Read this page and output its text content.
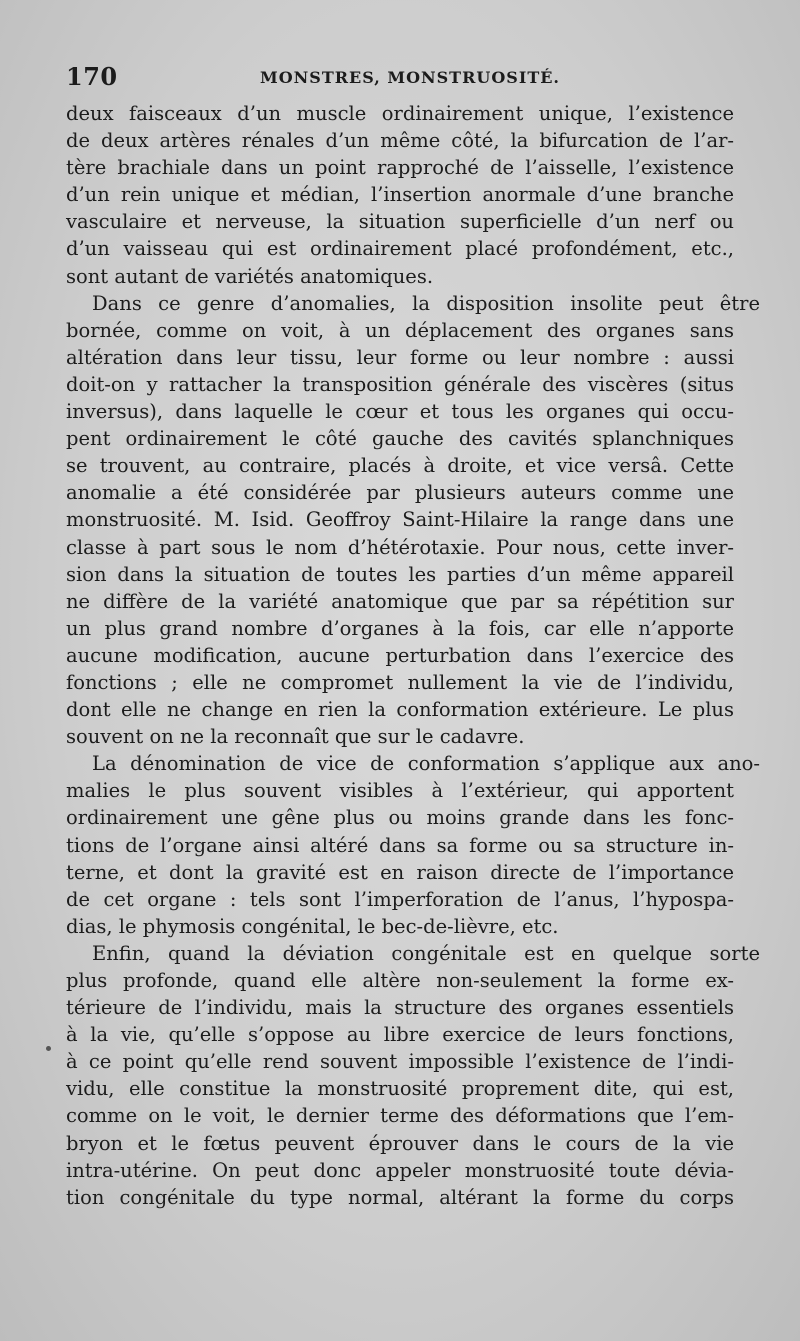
170	MONSTRES, MONSTRUOSITÉ.
deux faisceaux d’un muscle ordinairement unique, l’existence
de deux artères rénales d’un même côté, la bifurcation de l’ar-
tère brachiale dans un point rapproché de l’aisselle, l’existence
d’un rein unique et médian, l’insertion anormale d’une branche
vasculaire et nerveuse, la situation superficielle d’un nerf ou
d’un vaisseau qui est ordinairement placé profondément, etc.,
sont autant de variétés anatomiques.
Dans ce genre d’anomalies, la disposition insolite peut être
bornée, comme on voit, à un déplacement des organes sans
altération dans leur tissu, leur forme ou leur nombre : aussi
doit-on y rattacher la transposition générale des viscères (situs
inversus), dans laquelle le cœur et tous les organes qui occu-
pent ordinairement le côté gauche des cavités splanchniques
se trouvent, au contraire, placés à droite, et vice versâ. Cette
anomalie a été considérée par plusieurs auteurs comme une
monstruosité. M. Isid. Geoffroy Saint-Hilaire la range dans une
classe à part sous le nom d’hétérotaxie. Pour nous, cette inver-
sion dans la situation de toutes les parties d’un même appareil
ne diffère de la variété anatomique que par sa répétition sur
un plus grand nombre d’organes à la fois, car elle n’apporte
aucune modification, aucune perturbation dans l’exercice des
fonctions ; elle ne compromet nullement la vie de l’individu,
dont elle ne change en rien la conformation extérieure. Le plus
souvent on ne la reconnaît que sur le cadavre.
La dénomination de vice de conformation s’applique aux ano-
malies le plus souvent visibles à l’extérieur, qui apportent
ordinairement une gêne plus ou moins grande dans les fonc-
tions de l’organe ainsi altéré dans sa forme ou sa structure in-
terne, et dont la gravité est en raison directe de l’importance
de cet organe : tels sont l’imperforation de l’anus, l’hypospa-
dias, le phymosis congénital, le bec-de-lièvre, etc.
Enfin, quand la déviation congénitale est en quelque sorte
plus profonde, quand elle altère non-seulement la forme ex-
térieure de l’individu, mais la structure des organes essentiels
à la vie, qu’elle s’oppose au libre exercice de leurs fonctions,
à ce point qu’elle rend souvent impossible l’existence de l’indi-
vidu, elle constitue la monstruosité proprement dite, qui est,
comme on le voit, le dernier terme des déformations que l’em-
bryon et le fœtus peuvent éprouver dans le cours de la vie
intra-utérine. On peut donc appeler monstruosité toute dévia-
tion congénitale du type normal, altérant la forme du corps
